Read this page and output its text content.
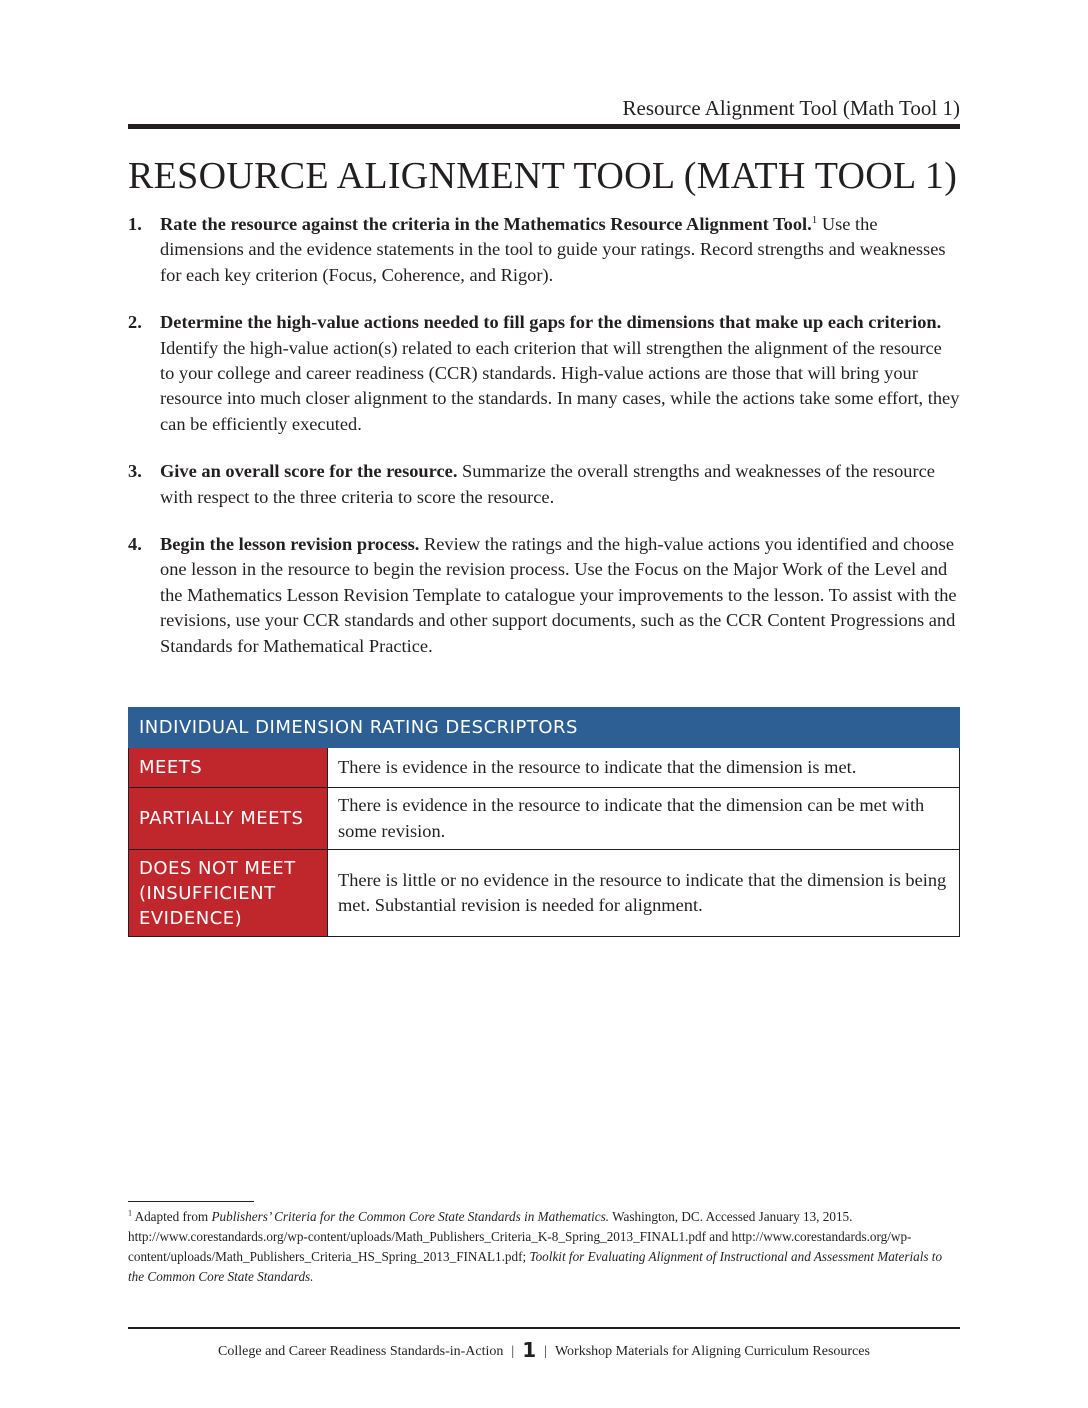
Resource Alignment Tool (Math Tool 1)
RESOURCE ALIGNMENT TOOL (MATH TOOL 1)
1. Rate the resource against the criteria in the Mathematics Resource Alignment Tool.$^1$ Use the dimensions and the evidence statements in the tool to guide your ratings. Record strengths and weaknesses for each key criterion (Focus, Coherence, and Rigor).
2. Determine the high-value actions needed to fill gaps for the dimensions that make up each criterion. Identify the high-value action(s) related to each criterion that will strengthen the alignment of the resource to your college and career readiness (CCR) standards. High-value actions are those that will bring your resource into much closer alignment to the standards. In many cases, while the actions take some effort, they can be efficiently executed.
3. Give an overall score for the resource. Summarize the overall strengths and weaknesses of the resource with respect to the three criteria to score the resource.
4. Begin the lesson revision process. Review the ratings and the high-value actions you identified and choose one lesson in the resource to begin the revision process. Use the Focus on the Major Work of the Level and the Mathematics Lesson Revision Template to catalogue your improvements to the lesson. To assist with the revisions, use your CCR standards and other support documents, such as the CCR Content Progressions and Standards for Mathematical Practice.
INDIVIDUAL DIMENSION RATING DESCRIPTORS	
MEETS	There is evidence in the resource to indicate that the dimension is met.
PARTIALLY MEETS	There is evidence in the resource to indicate that the dimension can be met with some revision.
DOES NOT MEET (INSUFFICIENT EVIDENCE)	There is little or no evidence in the resource to indicate that the dimension is being met. Substantial revision is needed for alignment.
$^1$ Adapted from Publishers’ Criteria for the Common Core State Standards in Mathematics. Washington, DC. Accessed January 13, 2015. http://www.corestandards.org/wp-content/uploads/Math_Publishers_Criteria_K-8_Spring_2013_FINAL1.pdf and http://www.corestandards.org/wp-content/uploads/Math_Publishers_Criteria_HS_Spring_2013_FINAL1.pdf; Toolkit for Evaluating Alignment of Instructional and Assessment Materials to the Common Core State Standards.
College and Career Readiness Standards-in-Action | 1 | Workshop Materials for Aligning Curriculum Resources
